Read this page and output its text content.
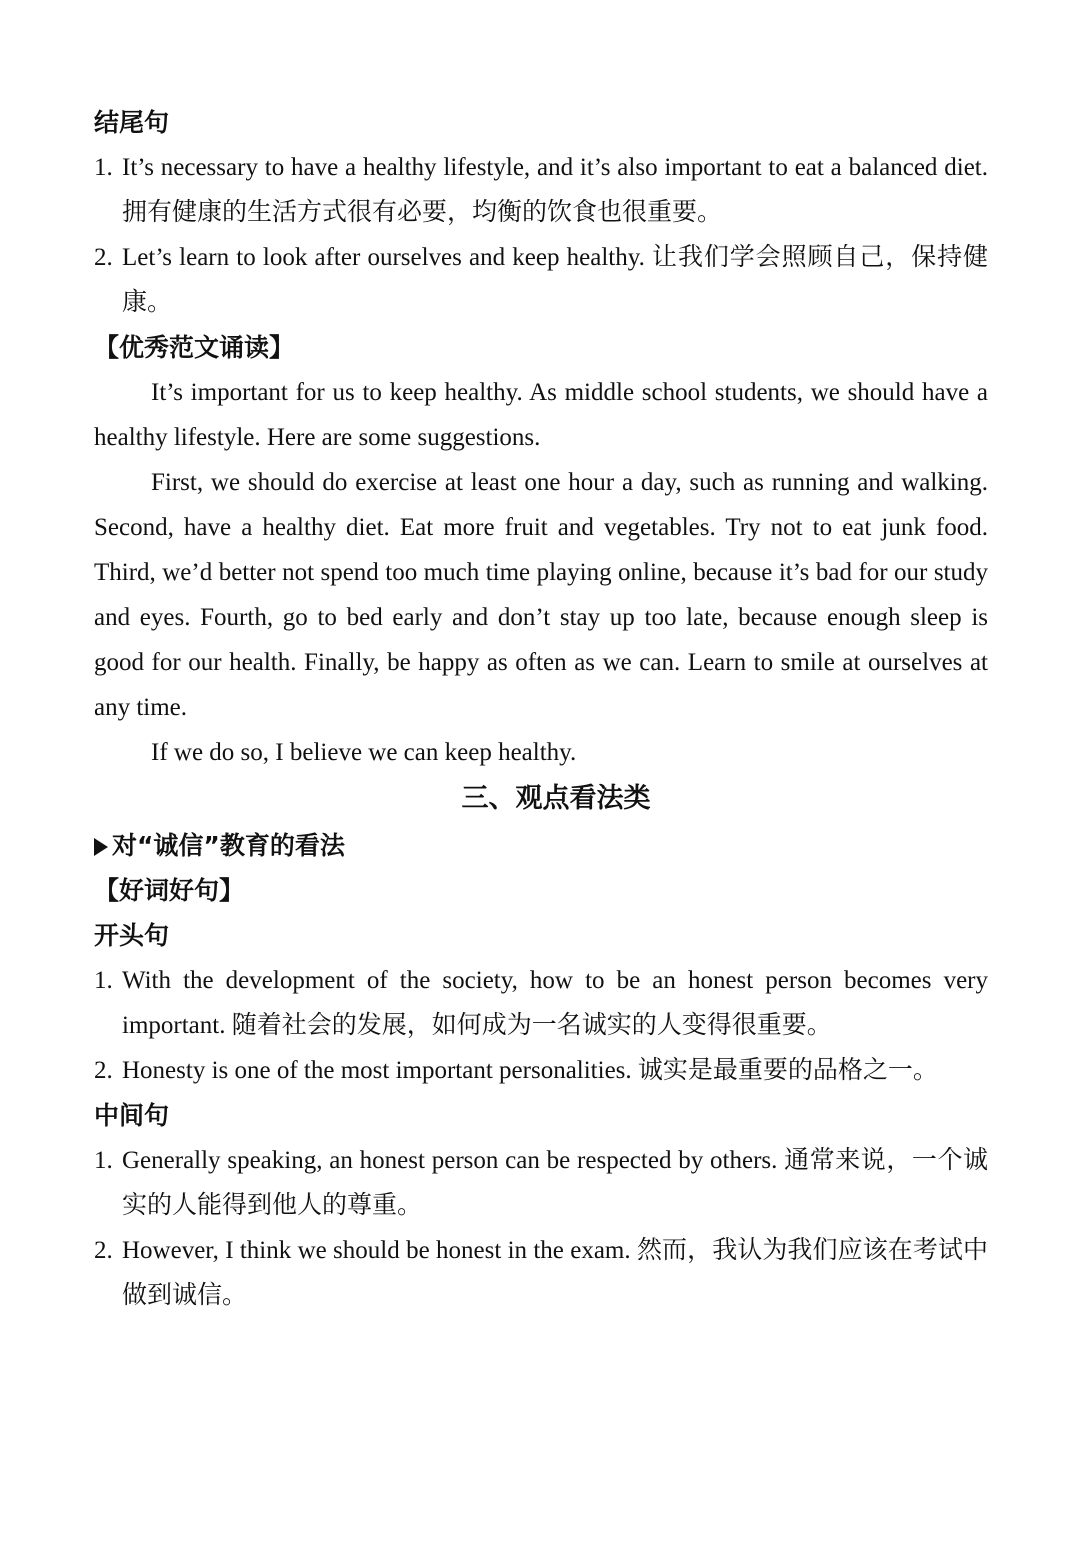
结尾句
1. It’s necessary to have a healthy lifestyle, and it’s also important to eat a balanced diet. 拥有健康的生活方式很有必要，均衡的饮食也很重要。
2. Let’s learn to look after ourselves and keep healthy. 让我们学会照顾自己，保持健康。
【优秀范文诵读】
It’s important for us to keep healthy. As middle school students, we should have a healthy lifestyle. Here are some suggestions.
First, we should do exercise at least one hour a day, such as running and walking. Second, have a healthy diet. Eat more fruit and vegetables. Try not to eat junk food. Third, we’d better not spend too much time playing online, because it’s bad for our study and eyes. Fourth, go to bed early and don’t stay up too late, because enough sleep is good for our health. Finally, be happy as often as we can. Learn to smile at ourselves at any time.
If we do so, I believe we can keep healthy.
三、观点看法类
对“诚信”教育的看法
【好词好句】
开头句
1. With the development of the society, how to be an honest person becomes very important. 随着社会的发展，如何成为一名诚实的人变得很重要。
2. Honesty is one of the most important personalities. 诚实是最重要的品格之一。
中间句
1. Generally speaking, an honest person can be respected by others. 通常来说，一个诚实的人能得到他人的尊重。
2. However, I think we should be honest in the exam. 然而，我认为我们应该在考试中做到诚信。
